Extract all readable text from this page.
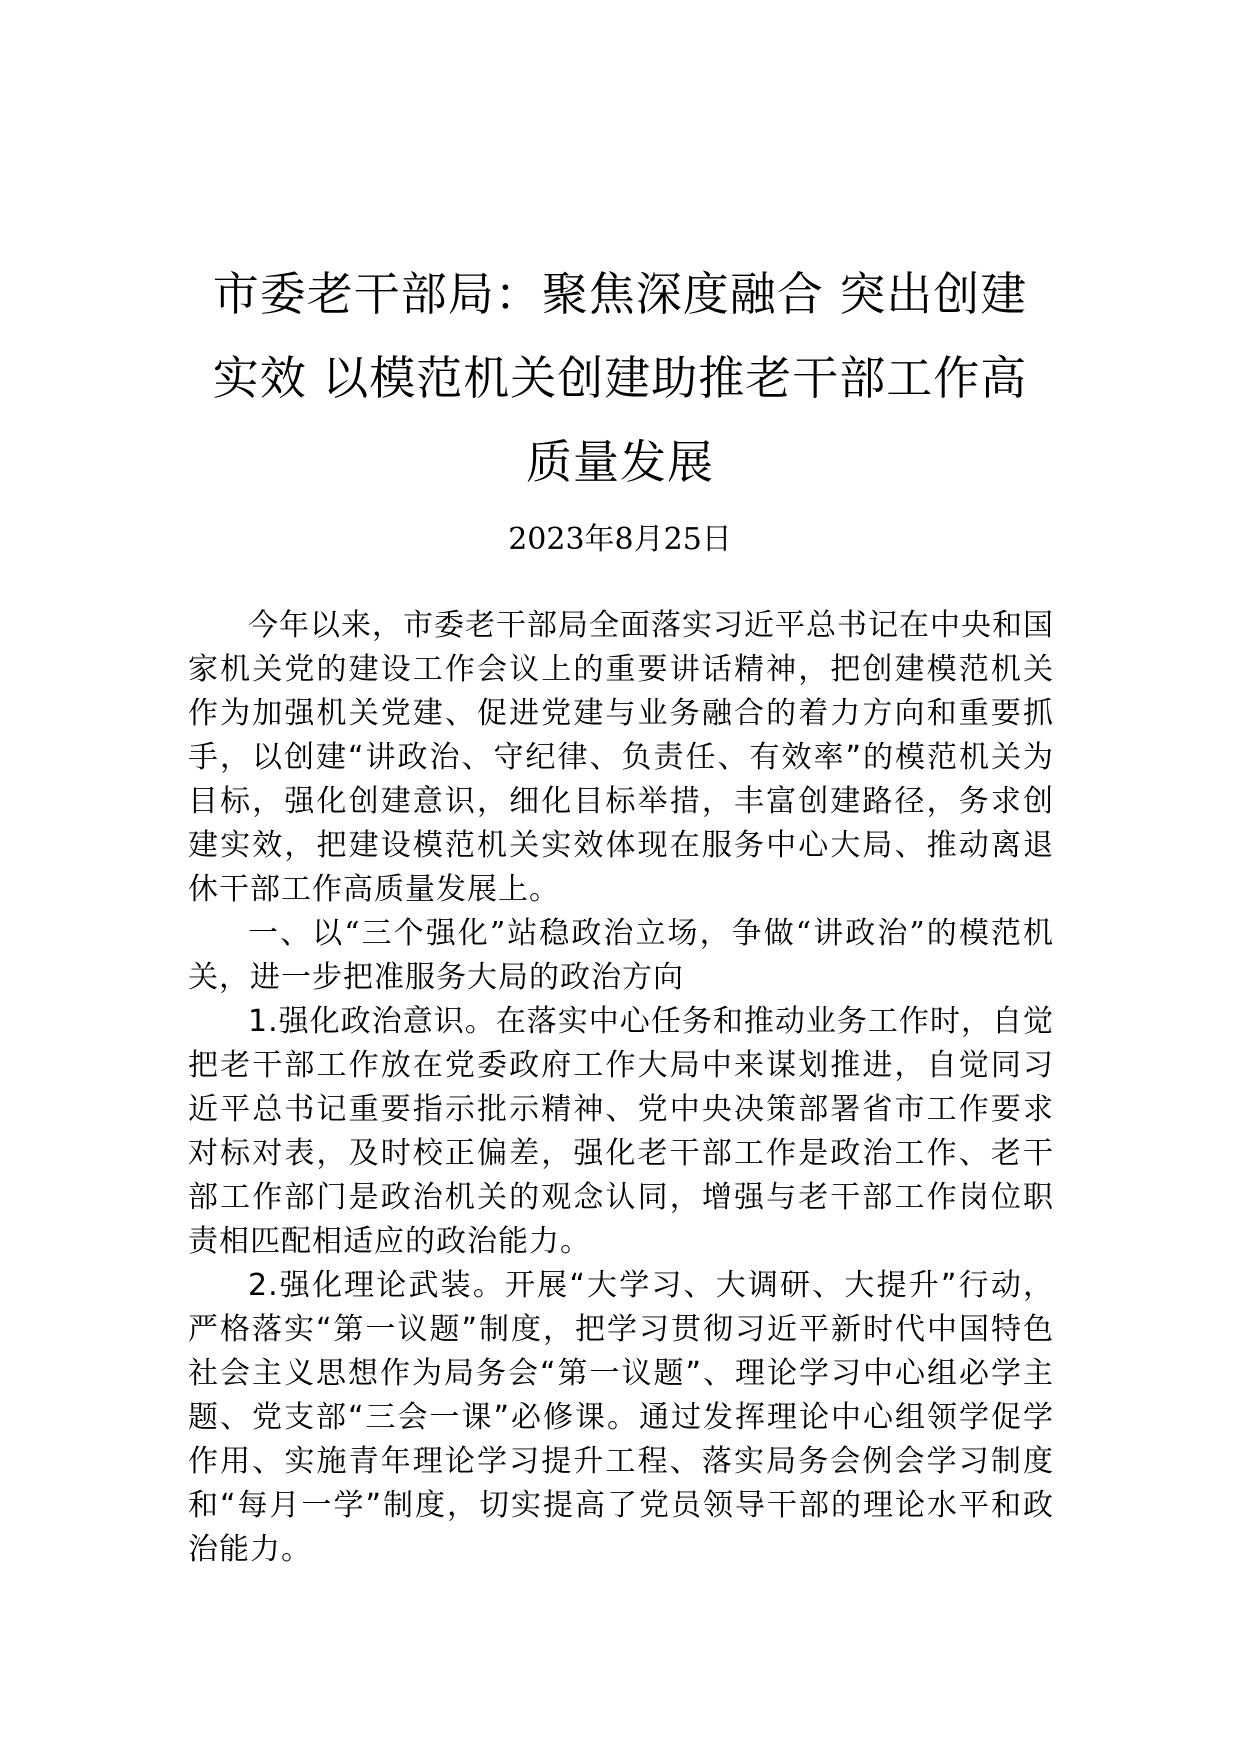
市委老干部局：聚焦深度融合 突出创建实效 以模范机关创建助推老干部工作高质量发展
2023年8月25日

今年以来，市委老干部局全面落实习近平总书记在中央和国家机关党的建设工作会议上的重要讲话精神，把创建模范机关作为加强机关党建、促进党建与业务融合的着力方向和重要抓手，以创建“讲政治、守纪律、负责任、有效率”的模范机关为目标，强化创建意识，细化目标举措，丰富创建路径，务求创建实效，把建设模范机关实效体现在服务中心大局、推动离退休干部工作高质量发展上。

一、以“三个强化”站稳政治立场，争做“讲政治”的模范机关，进一步把准服务大局的政治方向

1.强化政治意识。在落实中心任务和推动业务工作时，自觉把老干部工作放在党委政府工作大局中来谋划推进，自觉同习近平总书记重要指示批示精神、党中央决策部署省市工作要求对标对表，及时校正偏差，强化老干部工作是政治工作、老干部工作部门是政治机关的观念认同，增强与老干部工作岗位职责相匹配相适应的政治能力。

2.强化理论武装。开展“大学习、大调研、大提升”行动，严格落实“第一议题”制度，把学习贯彻习近平新时代中国特色社会主义思想作为局务会“第一议题”、理论学习中心组必学主题、党支部“三会一课”必修课。通过发挥理论中心组领学促学作用、实施青年理论学习提升工程、落实局务会例会学习制度和“每月一学”制度，切实提高了党员领导干部的理论水平和政治能力。
